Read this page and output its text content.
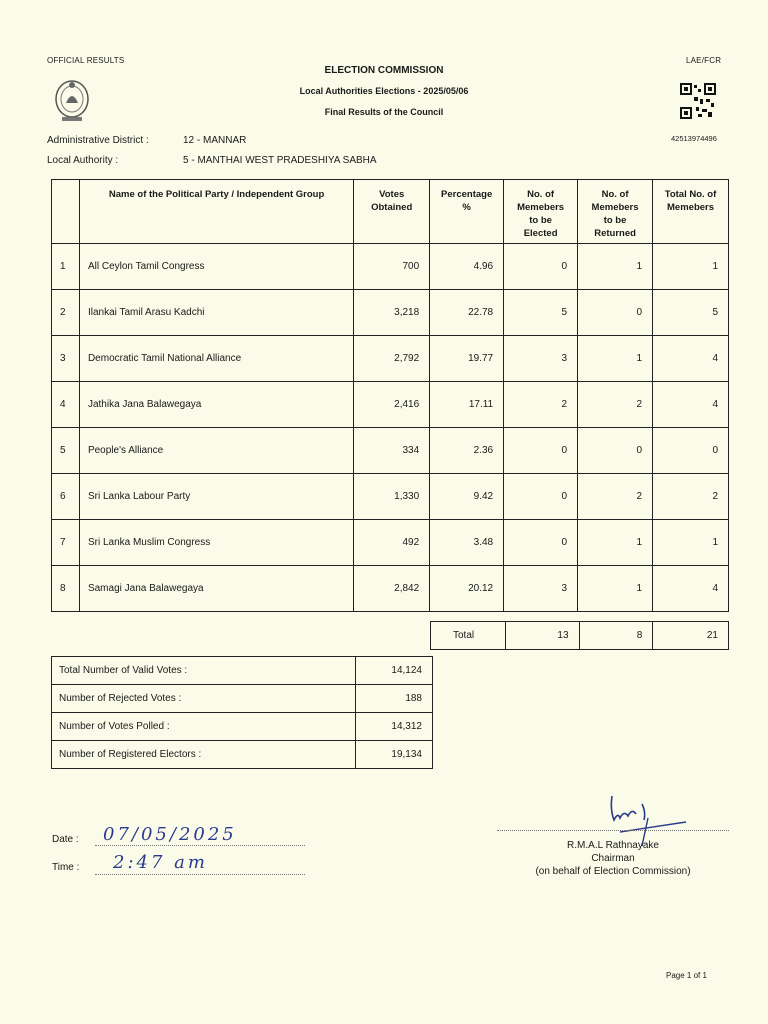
OFFICIAL RESULTS	LAE/FCR
ELECTION COMMISSION
Local Authorities Elections - 2025/05/06
Final Results of the Council
42513974496
Administrative District :	12 - MANNAR
Local Authority :	5 - MANTHAI WEST PRADESHIYA SABHA
	Name of the Political Party / Independent Group	Votes Obtained	Percentage %	No. of Memebers to be Elected	No. of Memebers to be Returned	Total No. of Memebers
1	All Ceylon Tamil Congress	700	4.96	0	1	1
2	Ilankai Tamil Arasu Kadchi	3,218	22.78	5	0	5
3	Democratic Tamil National Alliance	2,792	19.77	3	1	4
4	Jathika Jana Balawegaya	2,416	17.11	2	2	4
5	People's Alliance	334	2.36	0	0	0
6	Sri Lanka Labour Party	1,330	9.42	0	2	2
7	Sri Lanka Muslim Congress	492	3.48	0	1	1
8	Samagi Jana Balawegaya	2,842	20.12	3	1	4
Total	13	8	21
Total Number of Valid Votes :	14,124
Number of Rejected Votes :	188
Number of Votes Polled :	14,312
Number of Registered Electors :	19,134
Date : 07/05/2025
Time : 2:47 am
R.M.A.L Rathnayake
Chairman
(on behalf of Election Commission)
Page 1 of 1
